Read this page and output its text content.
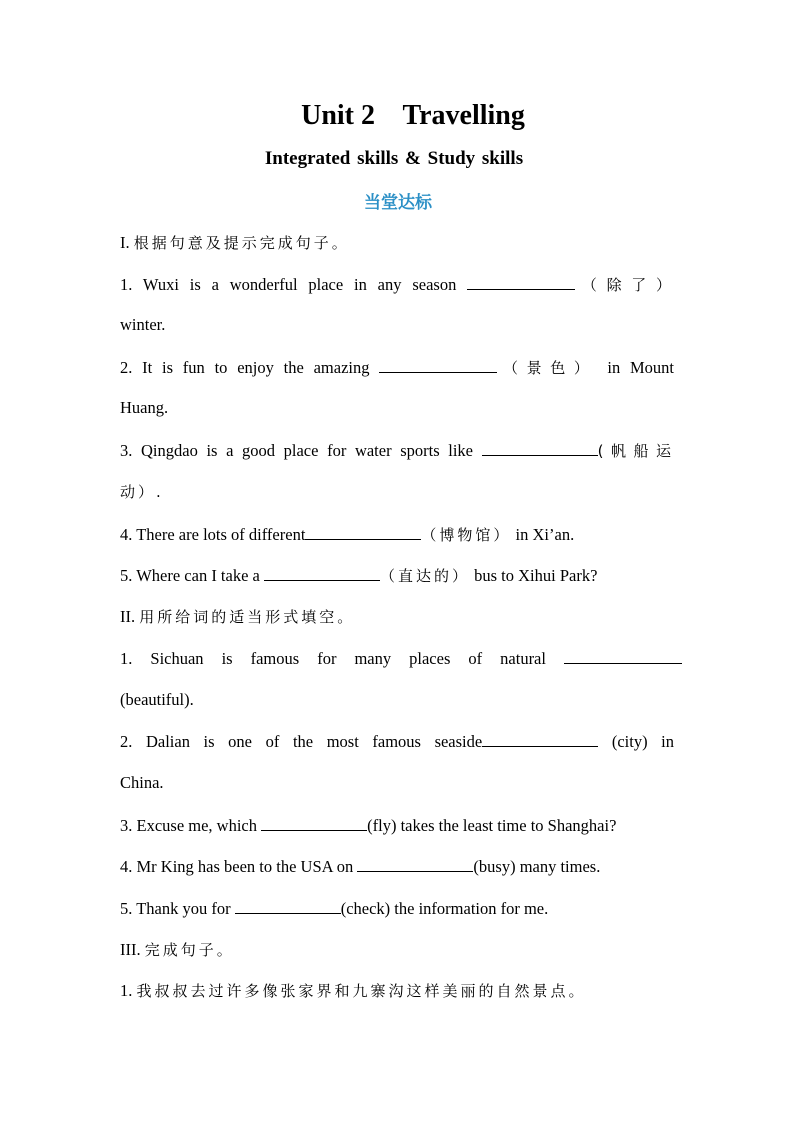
Unit 2    Travelling
Integrated skills & Study skills
当堂达标
I. 根据句意及提示完成句子。
1. Wuxi is a wonderful place in any season	（除了）
winter.
2. It is fun to enjoy the amazing	（景色） in Mount
Huang.
3. Qingdao is a good place for water sports like	(帆船运
动）.
4. There are lots of different	（博物馆） in Xi’an.
5. Where can I take a	（直达的） bus to Xihui Park?
II. 用所给词的适当形式填空。
1. Sichuan is famous for many places of natural
(beautiful).
2. Dalian is one of the most famous seaside	(city) in
China.
3. Excuse me, which	(fly) takes the least time to Shanghai?
4. Mr King has been to the USA on	(busy) many times.
5. Thank you for	(check) the information for me.
III. 完成句子。
1. 我叔叔去过许多像张家界和九寨沟这样美丽的自然景点。
